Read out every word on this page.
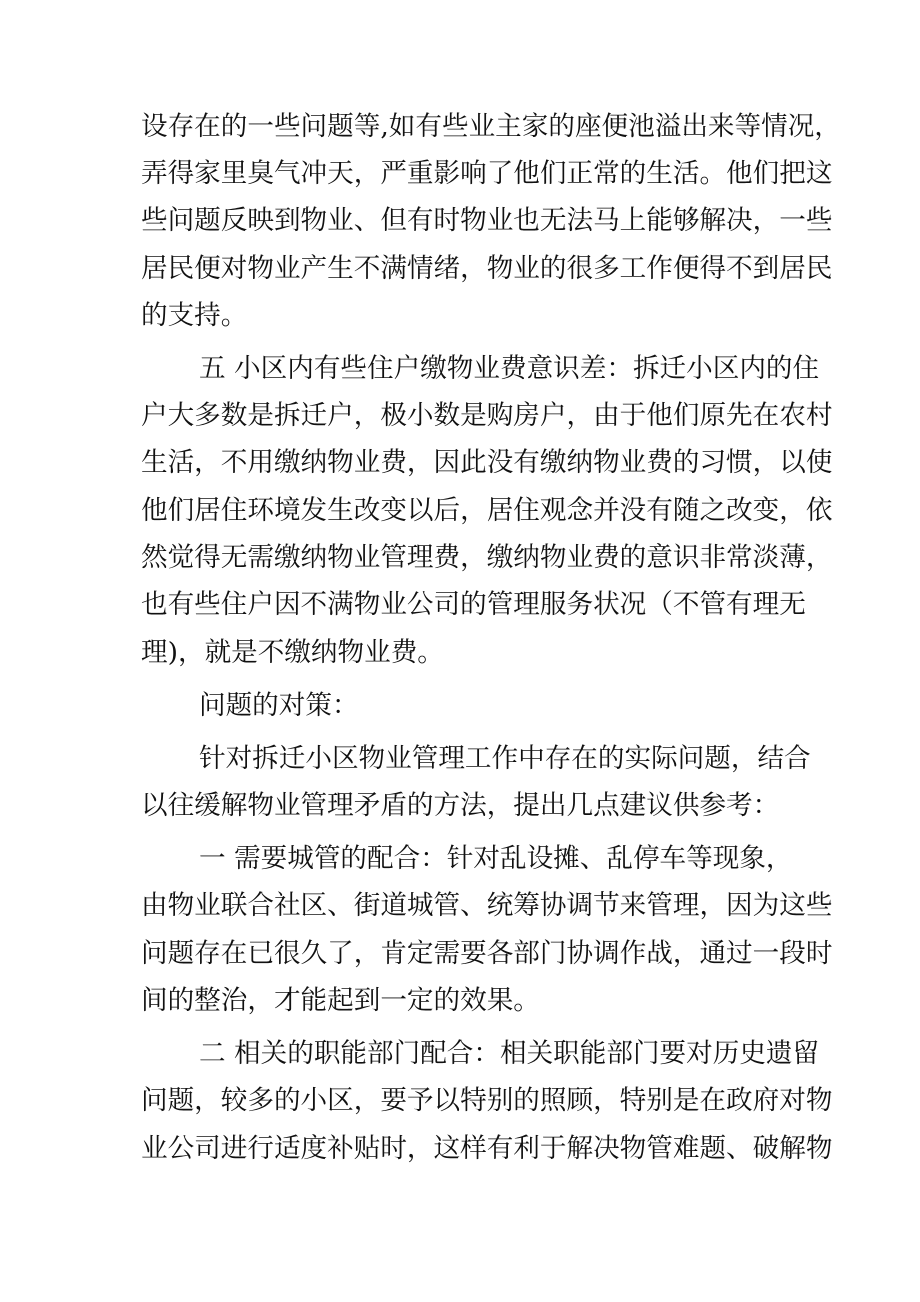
设存在的一些问题等,如有些业主家的座便池溢出来等情况，
弄得家里臭气冲天，严重影响了他们正常的生活。他们把这
些问题反映到物业、但有时物业也无法马上能够解决，一些
居民便对物业产生不满情绪，物业的很多工作便得不到居民
的支持。
五 小区内有些住户缴物业费意识差：拆迁小区内的住
户大多数是拆迁户，极小数是购房户，由于他们原先在农村
生活，不用缴纳物业费，因此没有缴纳物业费的习惯，以使
他们居住环境发生改变以后，居住观念并没有随之改变，依
然觉得无需缴纳物业管理费，缴纳物业费的意识非常淡薄，
也有些住户因不满物业公司的管理服务状况（不管有理无
理)，就是不缴纳物业费。
问题的对策：
针对拆迁小区物业管理工作中存在的实际问题，结合
以往缓解物业管理矛盾的方法，提出几点建议供参考：
一 需要城管的配合：针对乱设摊、乱停车等现象，
由物业联合社区、街道城管、统筹协调节来管理，因为这些
问题存在已很久了，肯定需要各部门协调作战，通过一段时
间的整治，才能起到一定的效果。
二 相关的职能部门配合：相关职能部门要对历史遗留
问题，较多的小区，要予以特别的照顾，特别是在政府对物
业公司进行适度补贴时，这样有利于解决物管难题、破解物
